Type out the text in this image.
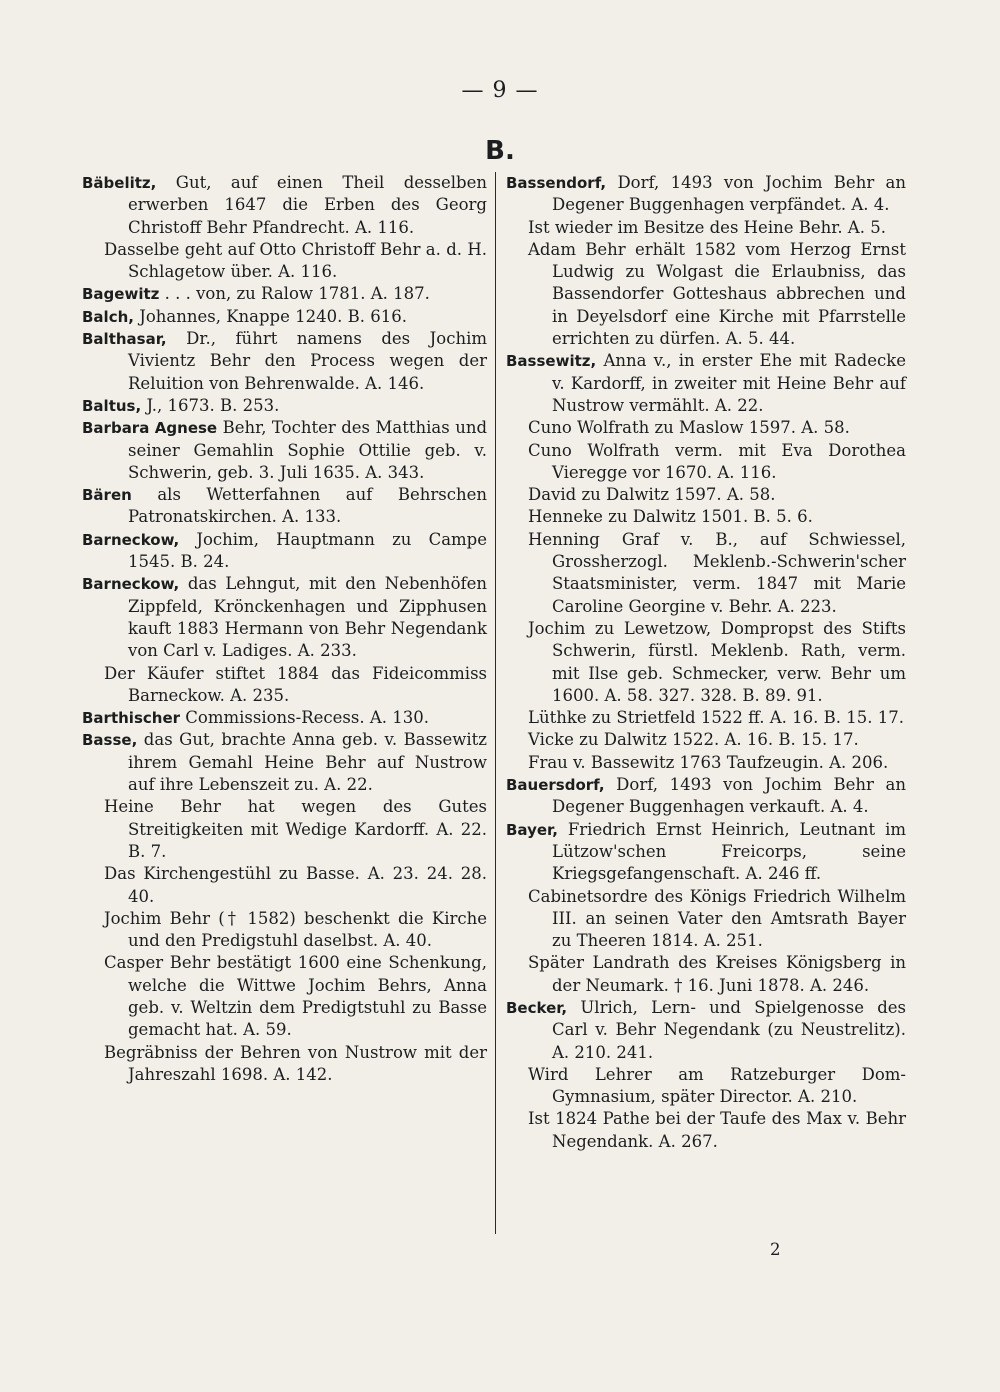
— 9 —
B.

Bäbelitz, Gut, auf einen Theil desselben erwerben 1647 die Erben des Georg Christoff Behr Pfandrecht. A. 116.

Dasselbe geht auf Otto Christoff Behr a. d. H. Schlagetow über. A. 116.

Bagewitz . . . von, zu Ralow 1781. A. 187.

Balch, Johannes, Knappe 1240. B. 616.

Balthasar, Dr., führt namens des Jochim Vivientz Behr den Process wegen der Reluition von Behrenwalde. A. 146.

Baltus, J., 1673. B. 253.

Barbara Agnese Behr, Tochter des Matthias und seiner Gemahlin Sophie Ottilie geb. v. Schwerin, geb. 3. Juli 1635. A. 343.

Bären als Wetterfahnen auf Behrschen Patronatskirchen. A. 133.

Barneckow, Jochim, Hauptmann zu Campe 1545. B. 24.

Barneckow, das Lehngut, mit den Nebenhöfen Zippfeld, Krönckenhagen und Zipphusen kauft 1883 Hermann von Behr Negendank von Carl v. Ladiges. A. 233.

Der Käufer stiftet 1884 das Fideicommiss Barneckow. A. 235.

Barthischer Commissions-Recess. A. 130.

Basse, das Gut, brachte Anna geb. v. Bassewitz ihrem Gemahl Heine Behr auf Nustrow auf ihre Lebenszeit zu. A. 22.

Heine Behr hat wegen des Gutes Streitigkeiten mit Wedige Kardorff. A. 22. B. 7.

Das Kirchengestühl zu Basse. A. 23. 24. 28. 40.

Jochim Behr († 1582) beschenkt die Kirche und den Predigstuhl daselbst. A. 40.

Casper Behr bestätigt 1600 eine Schenkung, welche die Wittwe Jochim Behrs, Anna geb. v. Weltzin dem Predigtstuhl zu Basse gemacht hat. A. 59.

Begräbniss der Behren von Nustrow mit der Jahreszahl 1698. A. 142.

Bassendorf, Dorf, 1493 von Jochim Behr an Degener Buggenhagen verpfändet. A. 4.

Ist wieder im Besitze des Heine Behr. A. 5.

Adam Behr erhält 1582 vom Herzog Ernst Ludwig zu Wolgast die Erlaubniss, das Bassendorfer Gotteshaus abbrechen und in Deyelsdorf eine Kirche mit Pfarrstelle errichten zu dürfen. A. 5. 44.

Bassewitz, Anna v., in erster Ehe mit Radecke v. Kardorff, in zweiter mit Heine Behr auf Nustrow vermählt. A. 22.

Cuno Wolfrath zu Maslow 1597. A. 58.

Cuno Wolfrath verm. mit Eva Dorothea Vieregge vor 1670. A. 116.

David zu Dalwitz 1597. A. 58.

Henneke zu Dalwitz 1501. B. 5. 6.

Henning Graf v. B., auf Schwiessel, Grossherzogl. Meklenb.-Schwerin'scher Staatsminister, verm. 1847 mit Marie Caroline Georgine v. Behr. A. 223.

Jochim zu Lewetzow, Dompropst des Stifts Schwerin, fürstl. Meklenb. Rath, verm. mit Ilse geb. Schmecker, verw. Behr um 1600. A. 58. 327. 328. B. 89. 91.

Lüthke zu Strietfeld 1522 ff. A. 16. B. 15. 17.

Vicke zu Dalwitz 1522. A. 16. B. 15. 17.

Frau v. Bassewitz 1763 Taufzeugin. A. 206.

Bauersdorf, Dorf, 1493 von Jochim Behr an Degener Buggenhagen verkauft. A. 4.

Bayer, Friedrich Ernst Heinrich, Leutnant im Lützow'schen Freicorps, seine Kriegsgefangenschaft. A. 246 ff.

Cabinetsordre des Königs Friedrich Wilhelm III. an seinen Vater den Amtsrath Bayer zu Theeren 1814. A. 251.

Später Landrath des Kreises Königsberg in der Neumark. † 16. Juni 1878. A. 246.

Becker, Ulrich, Lern- und Spielgenosse des Carl v. Behr Negendank (zu Neustrelitz). A. 210. 241.

Wird Lehrer am Ratzeburger Dom-Gymnasium, später Director. A. 210.

Ist 1824 Pathe bei der Taufe des Max v. Behr Negendank. A. 267.

2
